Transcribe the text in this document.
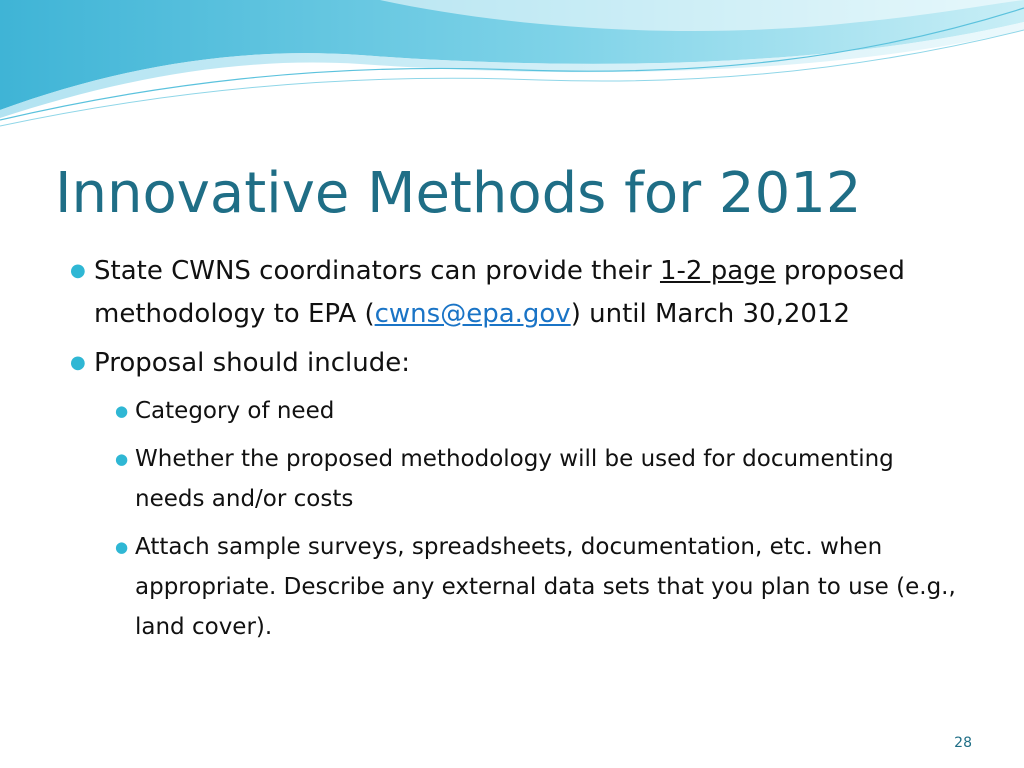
Innovative Methods for 2012
● State CWNS coordinators can provide their 1-2 page proposed methodology to EPA (cwns@epa.gov) until March 30,2012
● Proposal should include:
● Category of need
● Whether the proposed methodology will be used for documenting needs and/or costs
● Attach sample surveys, spreadsheets, documentation, etc. when appropriate. Describe any external data sets that you plan to use (e.g., land cover).
28
